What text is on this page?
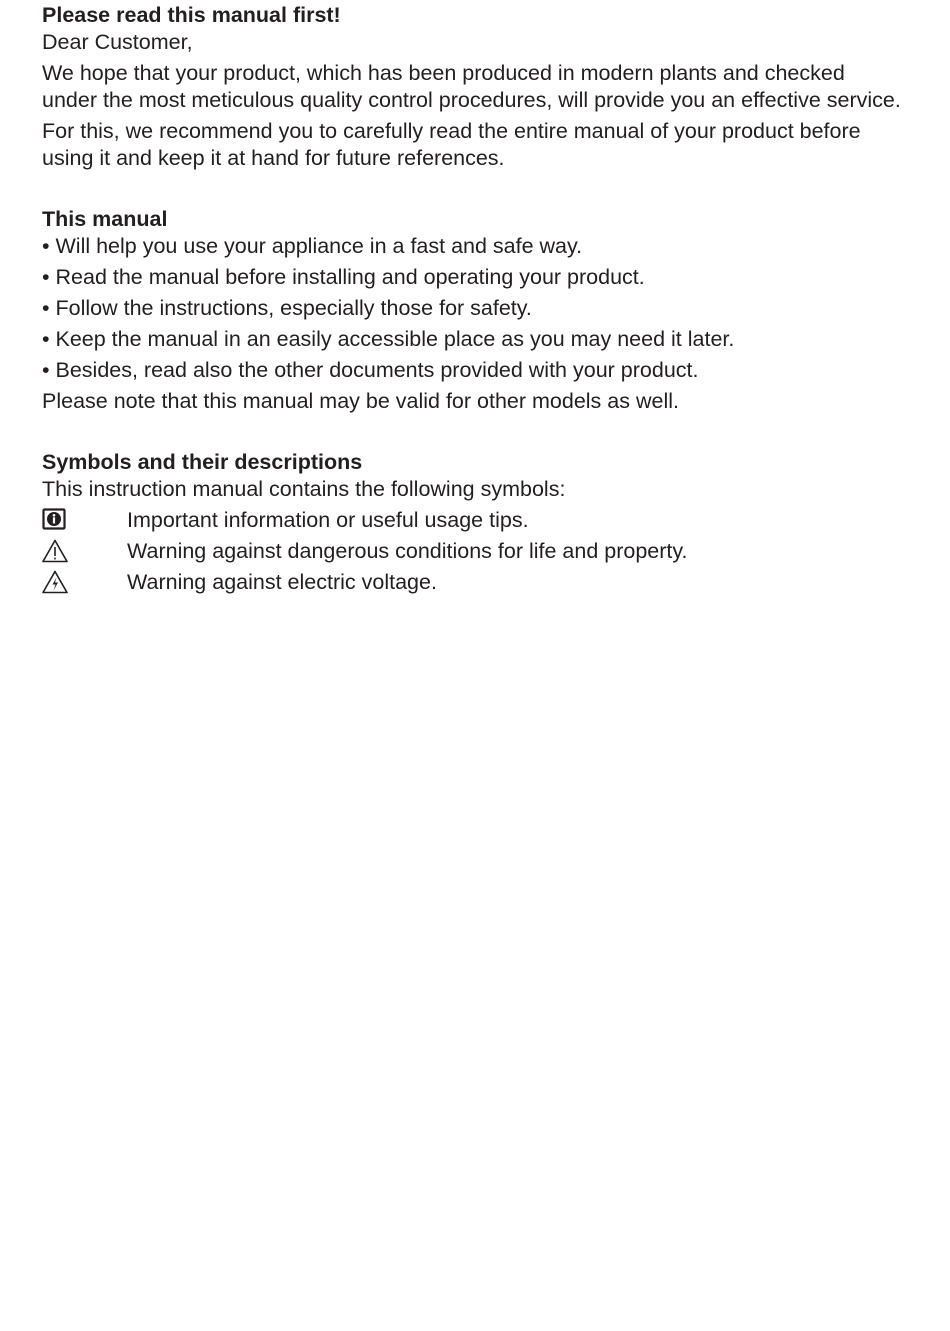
Please read this manual first!

Dear Customer,

We hope that your product, which has been produced in modern plants and checked under the most meticulous quality control procedures, will provide you an effective service.

For this, we recommend you to carefully read the entire manual of your product before using it and keep it at hand for future references.

This manual

• Will help you use your appliance in a fast and safe way.

• Read the manual before installing and operating your product.

• Follow the instructions, especially those for safety.

• Keep the manual in an easily accessible place as you may need it later.

• Besides, read also the other documents provided with your product.

Please note that this manual may be valid for other models as well.

Symbols and their descriptions

This instruction manual contains the following symbols:

Important information or useful usage tips.
Warning against dangerous conditions for life and property.
Warning against electric voltage.
